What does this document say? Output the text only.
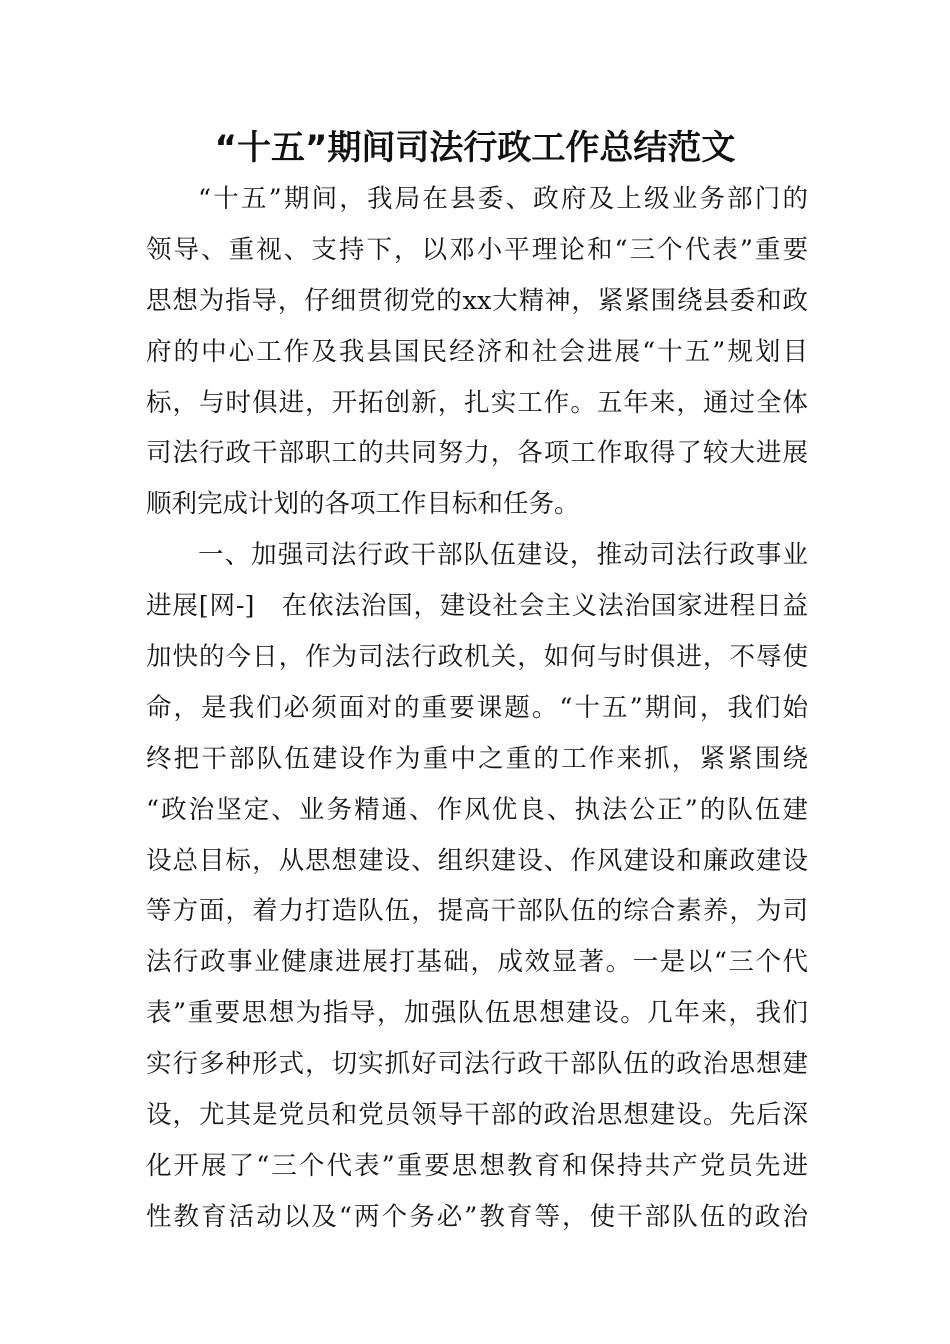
“十五”期间司法行政工作总结范文
“十五”期间，我局在县委、政府及上级业务部门的
领导、重视、支持下，以邓小平理论和“三个代表”重要
思想为指导，仔细贯彻党的xx大精神，紧紧围绕县委和政
府的中心工作及我县国民经济和社会进展“十五”规划目
标，与时俱进，开拓创新，扎实工作。五年来，通过全体
司法行政干部职工的共同努力，各项工作取得了较大进展
顺利完成计划的各项工作目标和任务。
一、加强司法行政干部队伍建设，推动司法行政事业
进展[网-]　在依法治国，建设社会主义法治国家进程日益
加快的今日，作为司法行政机关，如何与时俱进，不辱使
命，是我们必须面对的重要课题。“十五”期间，我们始
终把干部队伍建设作为重中之重的工作来抓，紧紧围绕
“政治坚定、业务精通、作风优良、执法公正”的队伍建
设总目标，从思想建设、组织建设、作风建设和廉政建设
等方面，着力打造队伍，提高干部队伍的综合素养，为司
法行政事业健康进展打基础，成效显著。一是以“三个代
表”重要思想为指导，加强队伍思想建设。几年来，我们
实行多种形式，切实抓好司法行政干部队伍的政治思想建
设，尤其是党员和党员领导干部的政治思想建设。先后深
化开展了“三个代表”重要思想教育和保持共产党员先进
性教育活动以及“两个务必”教育等，使干部队伍的政治
